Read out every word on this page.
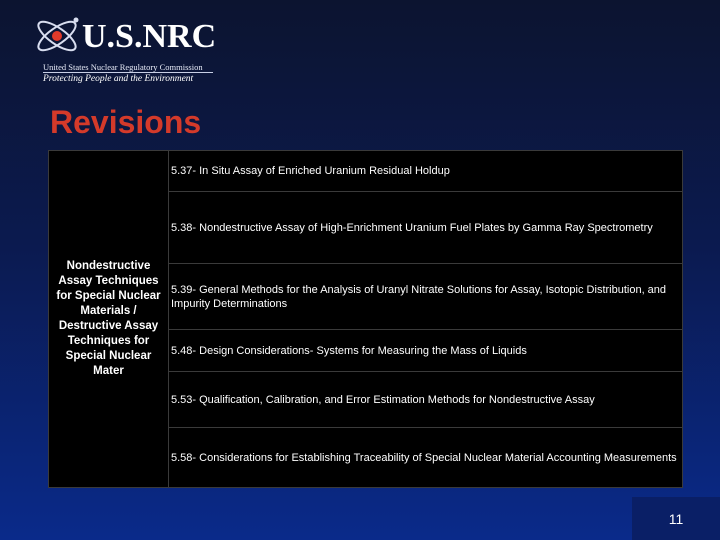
U.S.NRC
United States Nuclear Regulatory Commission
Protecting People and the Environment
Revisions
Nondestructive Assay Techniques for Special Nuclear Materials / Destructive Assay Techniques for Special Nuclear Mater	5.37- In Situ Assay of Enriched Uranium Residual Holdup
5.38- Nondestructive Assay of High-Enrichment Uranium Fuel Plates by Gamma Ray Spectrometry
5.39- General Methods for the Analysis of Uranyl Nitrate Solutions for Assay, Isotopic Distribution, and Impurity Determinations
5.48- Design Considerations- Systems for Measuring the Mass of Liquids
5.53- Qualification, Calibration, and Error Estimation Methods for Nondestructive Assay
5.58- Considerations for Establishing Traceability of Special Nuclear Material Accounting Measurements
11
